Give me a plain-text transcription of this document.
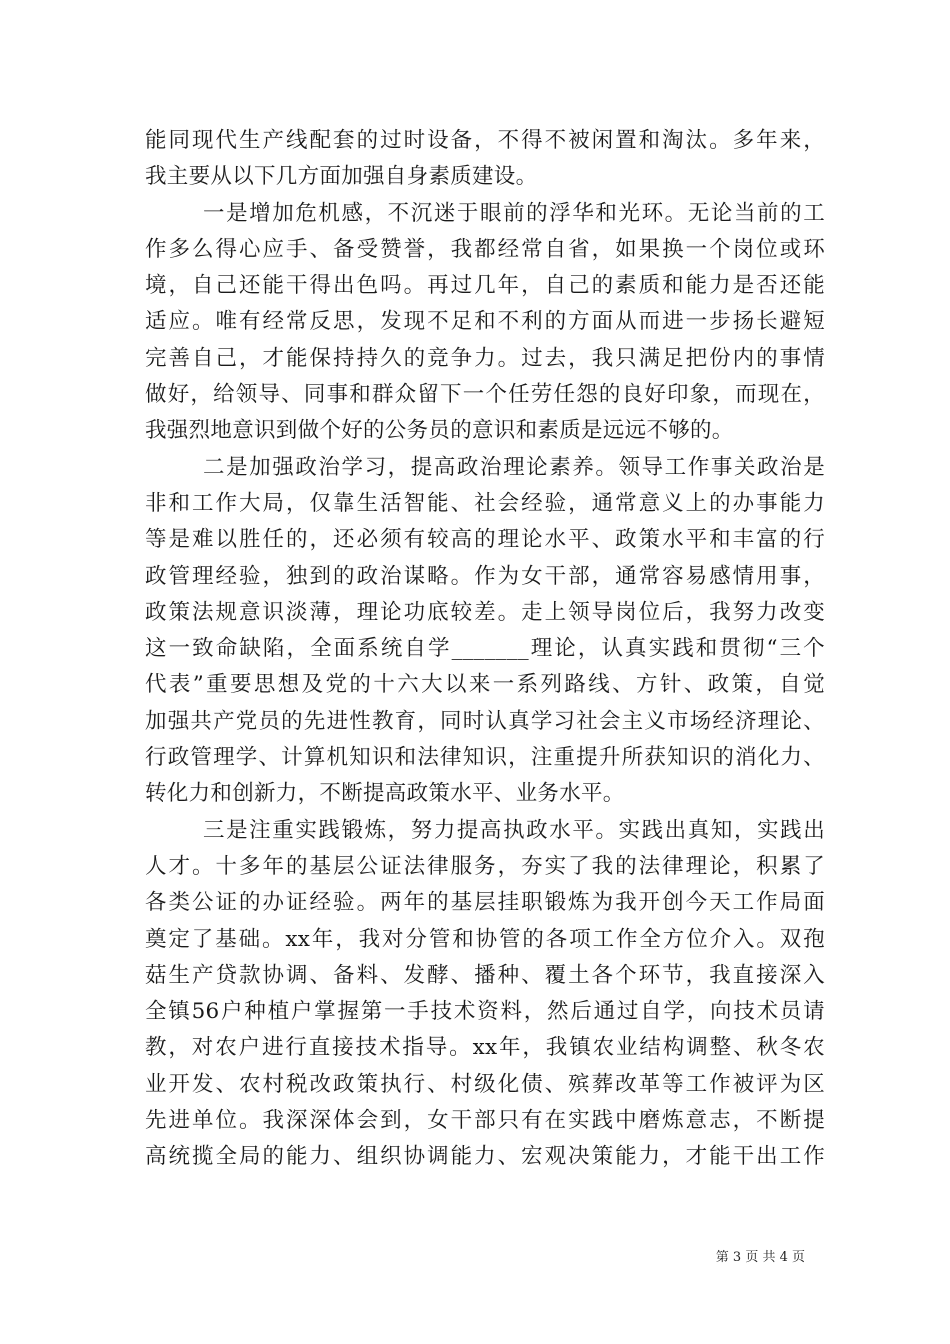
能同现代生产线配套的过时设备，不得不被闲置和淘汰。多年来，
我主要从以下几方面加强自身素质建设。
一是增加危机感，不沉迷于眼前的浮华和光环。无论当前的工
作多么得心应手、备受赞誉，我都经常自省，如果换一个岗位或环
境，自己还能干得出色吗。再过几年，自己的素质和能力是否还能
适应。唯有经常反思，发现不足和不利的方面从而进一步扬长避短
完善自己，才能保持持久的竞争力。过去，我只满足把份内的事情
做好，给领导、同事和群众留下一个任劳任怨的良好印象，而现在，
我强烈地意识到做个好的公务员的意识和素质是远远不够的。
二是加强政治学习，提高政治理论素养。领导工作事关政治是
非和工作大局，仅靠生活智能、社会经验，通常意义上的办事能力
等是难以胜任的，还必须有较高的理论水平、政策水平和丰富的行
政管理经验，独到的政治谋略。作为女干部，通常容易感情用事，
政策法规意识淡薄，理论功底较差。走上领导岗位后，我努力改变
这一致命缺陷，全面系统自学_______理论，认真实践和贯彻“三个
代表”重要思想及党的十六大以来一系列路线、方针、政策，自觉
加强共产党员的先进性教育，同时认真学习社会主义市场经济理论、
行政管理学、计算机知识和法律知识，注重提升所获知识的消化力、
转化力和创新力，不断提高政策水平、业务水平。
三是注重实践锻炼，努力提高执政水平。实践出真知，实践出
人才。十多年的基层公证法律服务，夯实了我的法律理论，积累了
各类公证的办证经验。两年的基层挂职锻炼为我开创今天工作局面
奠定了基础。xx年，我对分管和协管的各项工作全方位介入。双孢
菇生产贷款协调、备料、发酵、播种、覆土各个环节，我直接深入
全镇56户种植户掌握第一手技术资料，然后通过自学，向技术员请
教，对农户进行直接技术指导。xx年，我镇农业结构调整、秋冬农
业开发、农村税改政策执行、村级化债、殡葬改革等工作被评为区
先进单位。我深深体会到，女干部只有在实践中磨炼意志，不断提
高统揽全局的能力、组织协调能力、宏观决策能力，才能干出工作
第 3 页 共 4 页
